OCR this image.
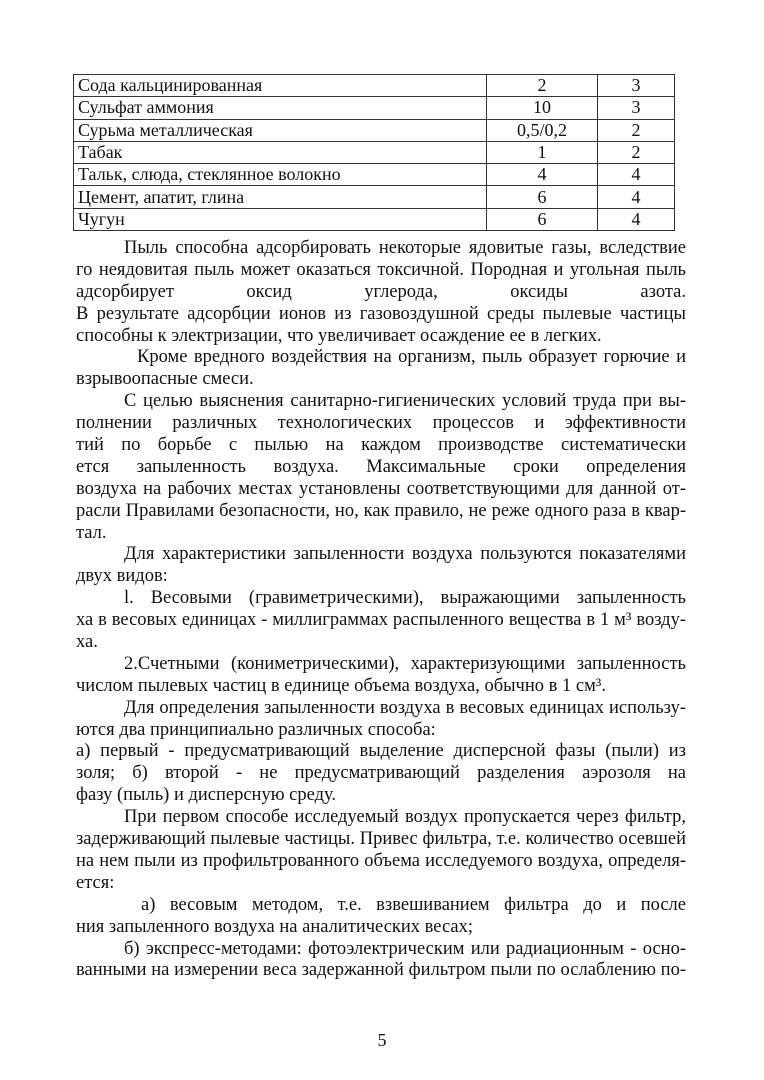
Сода кальцинированная	2	3
Сульфат аммония	10	3
Сурьма металлическая	0,5/0,2	2
Табак	1	2
Тальк, слюда, стеклянное волокно	4	4
Цемент, апатит, глина	6	4
Чугун	6	4
Пыль способна адсорбировать некоторые ядовитые газы, вследствие
го неядовитая пыль может оказаться токсичной. Породная и угольная пыль
адсорбирует оксид углерода, оксиды азота.
В результате адсорбции ионов из газовоздушной среды пылевые частицы
способны к электризации, что увеличивает осаждение ее в легких.
Кроме вредного воздействия на организм, пыль образует горючие и
взрывоопасные смеси.
С целью выяснения санитарно-гигиенических условий труда при вы-
полнении различных технологических процессов и эффективности
тий по борьбе с пылью на каждом производстве систематически
ется запыленность воздуха. Максимальные сроки определения
воздуха на рабочих местах установлены соответствующими для данной от-
расли Правилами безопасности, но, как правило, не реже одного раза в квар-
тал.
Для характеристики запыленности воздуха пользуются показателями
двух видов:
l. Весовыми (гравиметрическими), выражающими запыленность
ха в весовых единицах - миллиграммах распыленного вещества в 1 м³ возду-
ха.
2.Счетными (кониметрическими), характеризующими запыленность
числом пылевых частиц в единице объема воздуха, обычно в 1 см³.
Для определения запыленности воздуха в весовых единицах использу-
ются два принципиально различных способа:
а) первый - предусматривающий выделение дисперсной фазы (пыли) из
золя; б) второй - не предусматривающий разделения аэрозоля на
фазу (пыль) и дисперсную среду.
При первом способе исследуемый воздух пропускается через фильтр,
задерживающий пылевые частицы. Привес фильтра, т.е. количество осевшей
на нем пыли из профильтрованного объема исследуемого воздуха, определя-
ется:
а) весовым методом, т.е. взвешиванием фильтра до и после
ния запыленного воздуха на аналитических весах;
б) экспресс-методами: фотоэлектрическим или радиационным - осно-
ванными на измерении веса задержанной фильтром пыли по ослаблению по-
5
